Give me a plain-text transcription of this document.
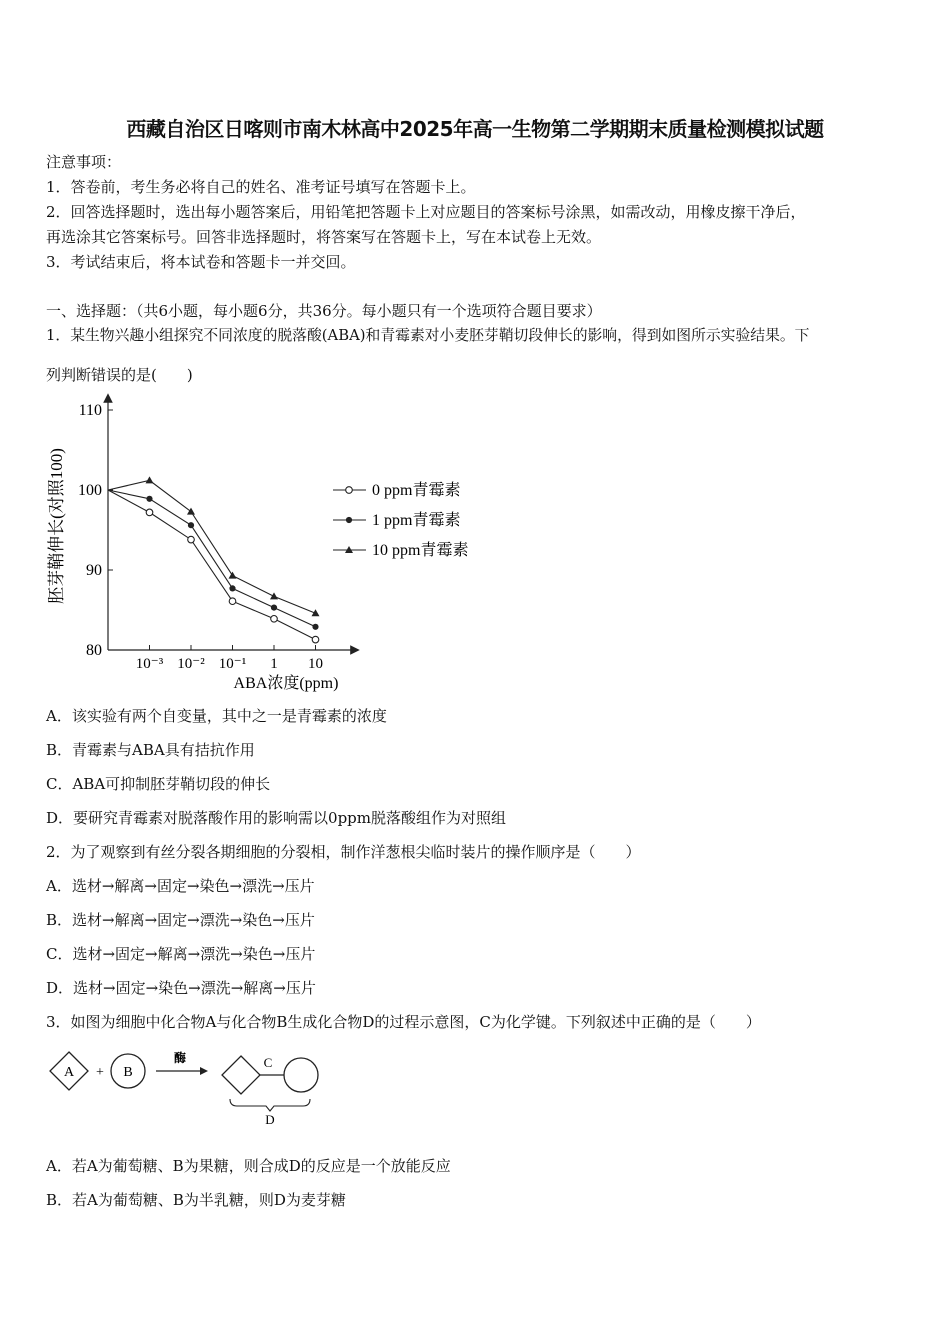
西藏自治区日喀则市南木林高中2025年高一生物第二学期期末质量检测模拟试题
注意事项：
1．答卷前，考生务必将自己的姓名、准考证号填写在答题卡上。
2．回答选择题时，选出每小题答案后，用铅笔把答题卡上对应题目的答案标号涂黑，如需改动，用橡皮擦干净后，
再选涂其它答案标号。回答非选择题时，将答案写在答题卡上，写在本试卷上无效。
3．考试结束后，将本试卷和答题卡一并交回。
一、选择题：（共6小题，每小题6分，共36分。每小题只有一个选项符合题目要求）
1．某生物兴趣小组探究不同浓度的脱落酸(ABA)和青霉素对小麦胚芽鞘切段伸长的影响，得到如图所示实验结果。下
列判断错误的是(　　)
80
90
100
110
10⁻³ 10⁻² 10⁻¹ 1 10
胚芽鞘伸长(对照100)
ABA浓度(ppm)
0 ppm青霉素
1 ppm青霉素
10 ppm青霉素
A．该实验有两个自变量，其中之一是青霉素的浓度
B．青霉素与ABA具有拮抗作用
C．ABA可抑制胚芽鞘切段的伸长
D．要研究青霉素对脱落酸作用的影响需以0ppm脱落酸组作为对照组
2．为了观察到有丝分裂各期细胞的分裂相，制作洋葱根尖临时装片的操作顺序是（　　）
A．选材→解离→固定→染色→漂洗→压片
B．选材→解离→固定→漂洗→染色→压片
C．选材→固定→解离→漂洗→染色→压片
D．选材→固定→染色→漂洗→解离→压片
3．如图为细胞中化合物A与化合物B生成化合物D的过程示意图，C为化学键。下列叙述中正确的是（　　）
A + B
酶	C
D
A．若A为葡萄糖、B为果糖，则合成D的反应是一个放能反应
B．若A为葡萄糖、B为半乳糖，则D为麦芽糖
